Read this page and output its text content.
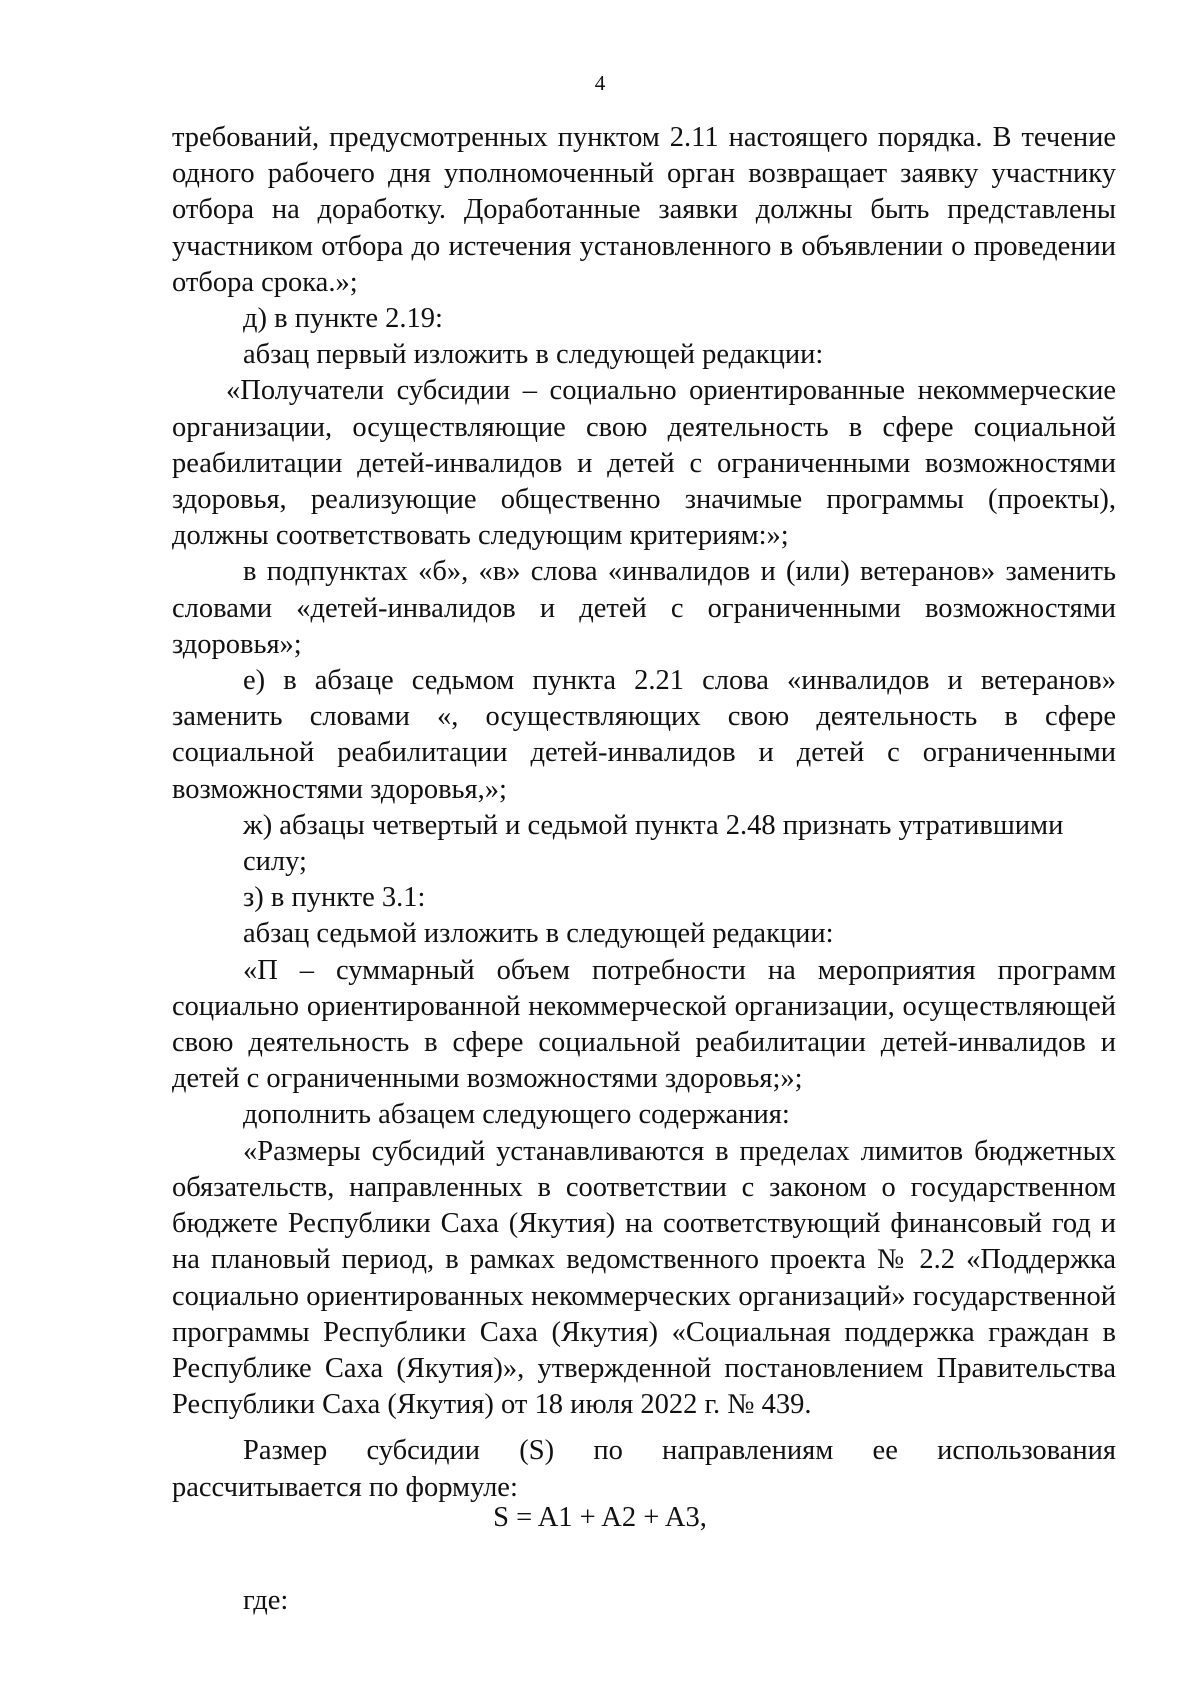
4

требований, предусмотренных пунктом 2.11 настоящего порядка. В течение одного рабочего дня уполномоченный орган возвращает заявку участнику отбора на доработку. Доработанные заявки должны быть представлены участником отбора до истечения установленного в объявлении о проведении отбора срока.»;

д) в пункте 2.19:

абзац первый изложить в следующей редакции:

«Получатели субсидии – социально ориентированные некоммерческие организации, осуществляющие свою деятельность в сфере социальной реабилитации детей-инвалидов и детей с ограниченными возможностями здоровья, реализующие общественно значимые программы (проекты), должны соответствовать следующим критериям:»;

в подпунктах «б», «в» слова «инвалидов и (или) ветеранов» заменить словами «детей-инвалидов и детей с ограниченными возможностями здоровья»;

е) в абзаце седьмом пункта 2.21 слова «инвалидов и ветеранов» заменить словами «, осуществляющих свою деятельность в сфере социальной реабилитации детей-инвалидов и детей с ограниченными возможностями здоровья,»;

ж) абзацы четвертый и седьмой пункта 2.48 признать утратившими силу;

з) в пункте 3.1:

абзац седьмой изложить в следующей редакции:

«П – суммарный объем потребности на мероприятия программ социально ориентированной некоммерческой организации, осуществляющей свою деятельность в сфере социальной реабилитации детей-инвалидов и детей с ограниченными возможностями здоровья;»;

дополнить абзацем следующего содержания:

«Размеры субсидий устанавливаются в пределах лимитов бюджетных обязательств, направленных в соответствии с законом о государственном бюджете Республики Саха (Якутия) на соответствующий финансовый год и на плановый период, в рамках ведомственного проекта № 2.2 «Поддержка социально ориентированных некоммерческих организаций» государственной программы Республики Саха (Якутия) «Социальная поддержка граждан в Республике Саха (Якутия)», утвержденной постановлением Правительства Республики Саха (Якутия) от 18 июля 2022 г. № 439.

Размер субсидии (S) по направлениям ее использования рассчитывается по формуле:

S = A1 + A2 + A3,
где:
